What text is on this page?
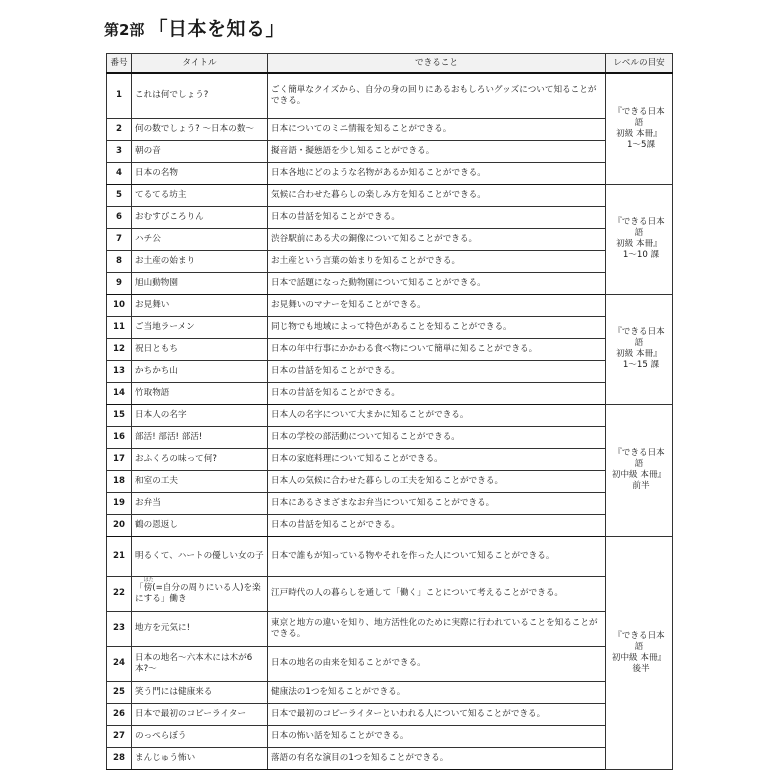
第2部 「日本を知る」
番号	タイトル	できること	レベルの目安
1	これは何でしょう?	ごく簡単なクイズから、自分の身の回りにあるおもしろいグッズについて知ることができる。	『できる日本語
初級 本冊』
1〜5課

2	何の数でしょう? 〜日本の数〜	日本についてのミニ情報を知ることができる。	
3	朝の音	擬音語・擬態語を少し知ることができる。	
4	日本の名物	日本各地にどのような名物があるか知ることができる。	
5	てるてる坊主	気候に合わせた暮らしの楽しみ方を知ることができる。	『できる日本語
初級 本冊』
1〜10 課

6	おむすびころりん	日本の昔話を知ることができる。	
7	ハチ公	渋谷駅前にある犬の銅像について知ることができる。	
8	お土産の始まり	お土産という言葉の始まりを知ることができる。	
9	旭山動物園	日本で話題になった動物園について知ることができる。	
10	お見舞い	お見舞いのマナーを知ることができる。	『できる日本語
初級 本冊』
1〜15 課

11	ご当地ラーメン	同じ物でも地域によって特色があることを知ることができる。	
12	祝日ともち	日本の年中行事にかかわる食べ物について簡単に知ることができる。	
13	かちかち山	日本の昔話を知ることができる。	
14	竹取物語	日本の昔話を知ることができる。	
15	日本人の名字	日本人の名字について大まかに知ることができる。	『できる日本語
初中級 本冊』
前半

16	部活! 部活! 部活!	日本の学校の部活動について知ることができる。	
17	おふくろの味って何?	日本の家庭料理について知ることができる。	
18	和室の工夫	日本人の気候に合わせた暮らしの工夫を知ることができる。	
19	お弁当	日本にあるさまざまなお弁当について知ることができる。	
20	鶴の恩返し	日本の昔話を知ることができる。	
21	明るくて、ハートの優しい女の子	日本で誰もが知っている物やそれを作った人について知ることができる。	『できる日本語
初中級 本冊』
後半

22	「傍
はた
(=自分の周りにいる人)を楽にする」働き	江戸時代の人の暮らしを通して「働く」ことについて考えることができる。	
23	地方を元気に!	東京と地方の違いを知り、地方活性化のために実際に行われていることを知ることができる。	
24	日本の地名〜六本木には木が6本?〜	日本の地名の由来を知ることができる。	
25	笑う門には健康来る	健康法の1つを知ることができる。	
26	日本で最初のコピーライター	日本で最初のコピーライターといわれる人について知ることができる。	
27	のっぺらぼう	日本の怖い話を知ることができる。	
28	まんじゅう怖い	落語の有名な演目の1つを知ることができる。	
